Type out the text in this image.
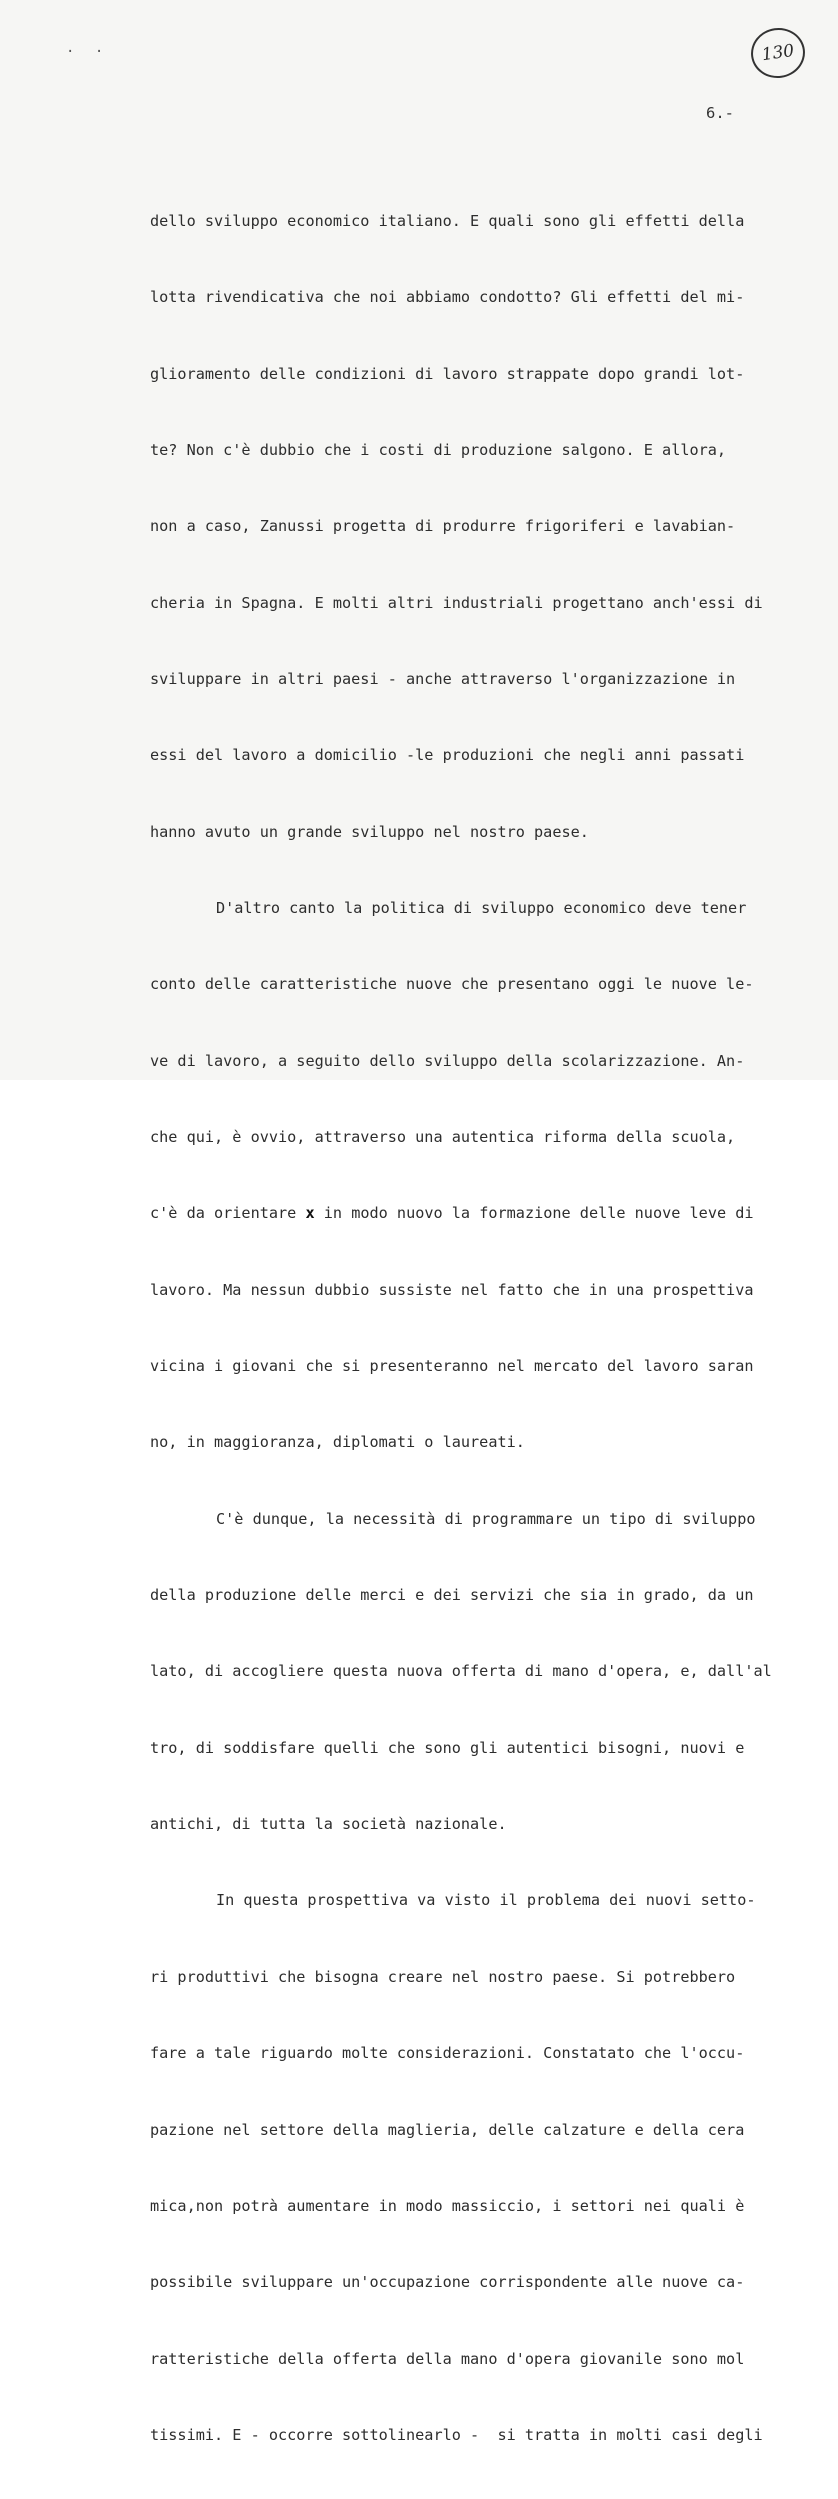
. .	130
6.-

dello sviluppo economico italiano. E quali sono gli effetti della

lotta rivendicativa che noi abbiamo condotto? Gli effetti del mi-

glioramento delle condizioni di lavoro strappate dopo grandi lot-

te? Non c'è dubbio che i costi di produzione salgono. E allora,

non a caso, Zanussi progetta di produrre frigoriferi e lavabian-

cheria in Spagna. E molti altri industriali progettano anch'essi di

sviluppare in altri paesi - anche attraverso l'organizzazione in

essi del lavoro a domicilio -le produzioni che negli anni passati

hanno avuto un grande sviluppo nel nostro paese.

D'altro canto la politica di sviluppo economico deve tener

conto delle caratteristiche nuove che presentano oggi le nuove le-

ve di lavoro, a seguito dello sviluppo della scolarizzazione. An-

che qui, è ovvio, attraverso una autentica riforma della scuola,

c'è da orientare x in modo nuovo la formazione delle nuove leve di

lavoro. Ma nessun dubbio sussiste nel fatto che in una prospettiva

vicina i giovani che si presenteranno nel mercato del lavoro saran

no, in maggioranza, diplomati o laureati.

C'è dunque, la necessità di programmare un tipo di sviluppo

della produzione delle merci e dei servizi che sia in grado, da un

lato, di accogliere questa nuova offerta di mano d'opera, e, dall'al

tro, di soddisfare quelli che sono gli autentici bisogni, nuovi e

antichi, di tutta la società nazionale.

In questa prospettiva va visto il problema dei nuovi setto-

ri produttivi che bisogna creare nel nostro paese. Si potrebbero

fare a tale riguardo molte considerazioni. Constatato che l'occu-

pazione nel settore della maglieria, delle calzature e della cera

mica,non potrà aumentare in modo massiccio, i settori nei quali è

possibile sviluppare un'occupazione corrispondente alle nuove ca-

ratteristiche della offerta della mano d'opera giovanile sono mol

tissimi. E - occorre sottolinearlo - si tratta in molti casi degli
